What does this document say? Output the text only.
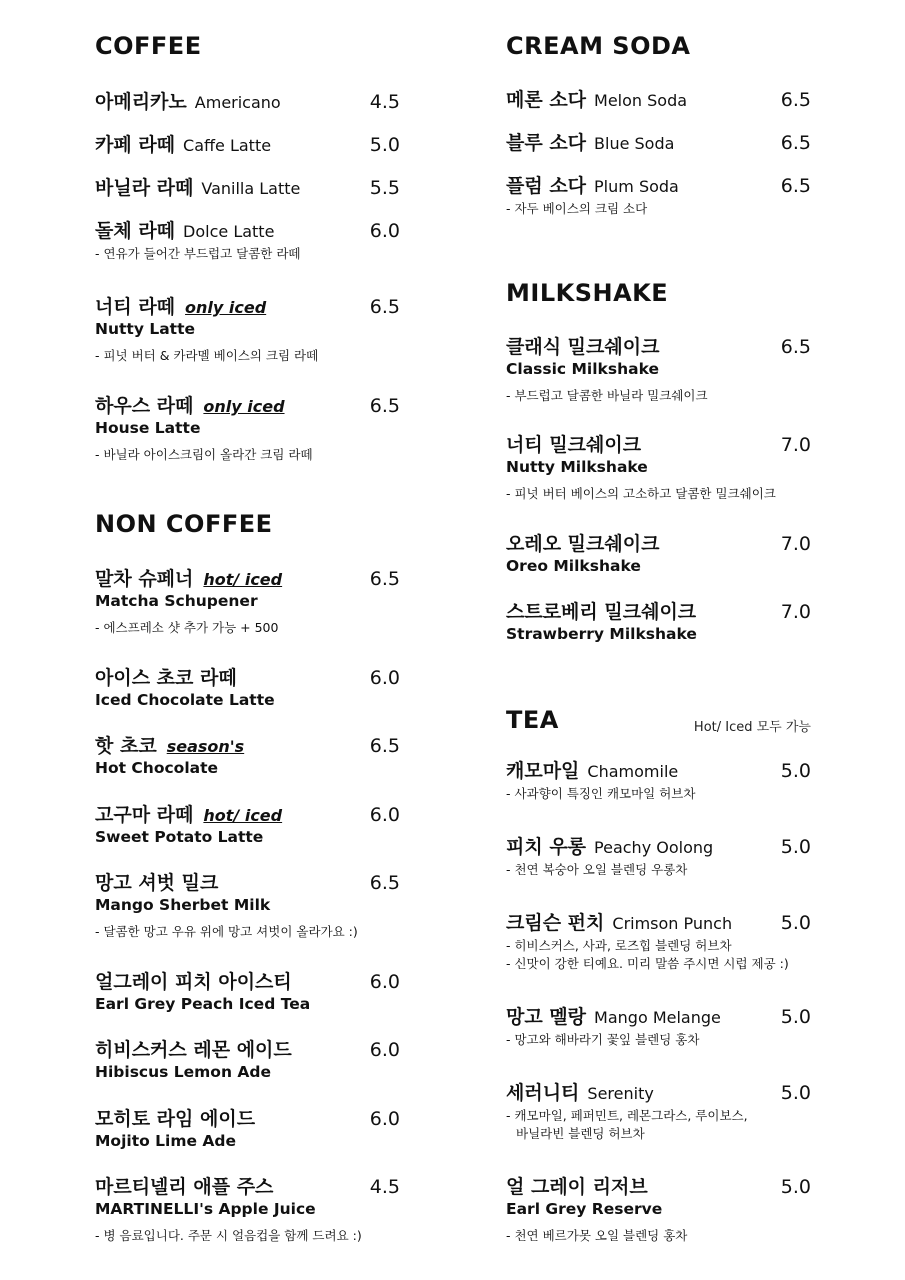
COFFEE
아메리카노 Americano	4.5
카페 라떼 Caffe Latte	5.0
바닐라 라떼 Vanilla Latte	5.5
돌체 라떼 Dolce Latte	6.0
- 연유가 들어간 부드럽고 달콤한 라떼
너티 라떼 only iced	6.5
Nutty Latte
- 피넛 버터 & 카라멜 베이스의 크림 라떼
하우스 라떼 only iced	6.5
House Latte
- 바닐라 아이스크림이 올라간 크림 라떼
NON COFFEE
말차 슈페너 hot/ iced	6.5
Matcha Schupener
- 에스프레소 샷 추가 가능 + 500
아이스 초코 라떼	6.0
Iced Chocolate Latte
핫 초코 season's	6.5
Hot Chocolate
고구마 라떼 hot/ iced	6.0
Sweet Potato Latte
망고 셔벗 밀크	6.5
Mango Sherbet Milk
- 달콤한 망고 우유 위에 망고 셔벗이 올라가요 :)
얼그레이 피치 아이스티	6.0
Earl Grey Peach Iced Tea
히비스커스 레몬 에이드	6.0
Hibiscus Lemon Ade
모히토 라임 에이드	6.0
Mojito Lime Ade
마르티넬리 애플 주스	4.5
MARTINELLI's Apple Juice
- 병 음료입니다. 주문 시 얼음컵을 함께 드려요 :)
CREAM SODA
메론 소다 Melon Soda	6.5
블루 소다 Blue Soda	6.5
플럼 소다 Plum Soda	6.5
- 자두 베이스의 크림 소다
MILKSHAKE
클래식 밀크쉐이크	6.5
Classic Milkshake
- 부드럽고 달콤한 바닐라 밀크쉐이크
너티 밀크쉐이크	7.0
Nutty Milkshake
- 피넛 버터 베이스의 고소하고 달콤한 밀크쉐이크
오레오 밀크쉐이크	7.0
Oreo Milkshake
스트로베리 밀크쉐이크	7.0
Strawberry Milkshake
TEA	Hot/ Iced 모두 가능
캐모마일 Chamomile	5.0
- 사과향이 특징인 캐모마일 허브차
피치 우롱 Peachy Oolong	5.0
- 천연 복숭아 오일 블렌딩 우롱차
크림슨 펀치 Crimson Punch	5.0
- 히비스커스, 사과, 로즈힙 블렌딩 허브차
- 신맛이 강한 티예요. 미리 말씀 주시면 시럽 제공 :)
망고 멜랑 Mango Melange	5.0
- 망고와 해바라기 꽃잎 블렌딩 홍차
세러니티 Serenity	5.0
- 캐모마일, 페퍼민트, 레몬그라스, 루이보스,
바닐라빈 블렌딩 허브차
얼 그레이 리저브	5.0
Earl Grey Reserve
- 천연 베르가못 오일 블렌딩 홍차
